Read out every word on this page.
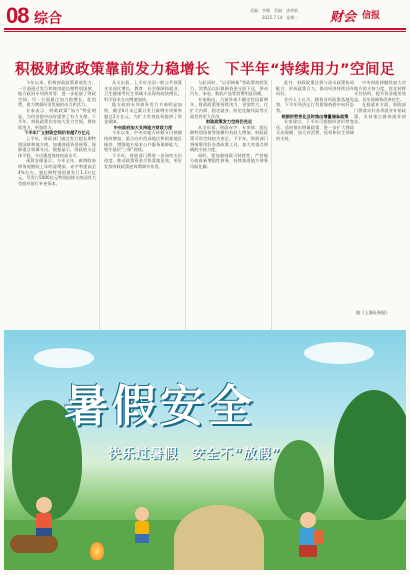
08 综合
责编：李娜　美编：唐邦新
2025.7.14　星期一 财会 信报
积极财政政策靠前发力稳增长　下半年“持续用力”空间足

今年以来，积极财政政策靠前发力，一方面通过发行和使用超长期特别国债、地方政府专项债券等，进一步拓展了财政空间；另一方面通过加力稳增长、促消费，着力增强经济发展的动力和活力。

专家表示，财政政策“加力”特征明显，为经济稳中向好提供了有力支撑。下半年，财政政策仍有较大发力空间，将持续用力，更加给力。

下半年广义财政空间仍有超7万亿元

上半年，财政部门通过发行超长期特别国债和地方债，加强财政资金统筹，保障重点领域支出。数据显示，财政收支总体平稳，支出强度保持较高水平。

预算安排显示，今年全年，新增政府债务规模较上年明显增加，赤字率提高至4%左右，超长期特别国债发行1.3万亿元，另发行5000亿元特别国债支持国有大型商业银行补充资本。

从支出看，上半年全国一般公共预算支出同比增长，教育、社会保障和就业、卫生健康等民生领域支出保持较快增长，科学技术支出增速加快。

地方政府专项债券发行节奏明显加快，截至6月末已累计发行新增专项债券超过2万亿元，为扩大有效投资提供了资金保障。

中央政府加大支持地方财政力度

今年以来，中央对地方转移支付规模持续增加，重点向中西部地区和困难地区倾斜，增强地方基本公共服务保障能力，兜牢基层“三保”底线。

下半年，财政部门将进一步加快支出进度，推动政策资金尽快落地见效，更好发挥财政政策逆周期调节作用。

与此同时，“以旧换新”等政策持续发力，消费品以旧换新资金分批下达，带动汽车、家电、数码产品等消费明显回暖。

专家指出，当前外部不确定性因素增多，财政政策要持续用力、更加给力，在扩大内需、稳定就业、防范化解风险等方面发挥更大作用。

财政政策发力空间仍充足

从全年看，财政赤字、专项债、超长期特别国债等规模均有较大增加，财政政策可用空间较为充足。下半年，财政部门将统筹用好各类政策工具，加大对重点领域的支持力度。

同时，要加强财政可持续性，严控地方政府新增隐性债务，持续推进地方债务风险化解。

此外，财政政策还将与货币政策协同配合，形成政策合力，推动经济持续回升向好。

业内人士认为，随着各项政策落地见效，下半年经济运行有望保持稳中向好态势。

根据形势变化及时推出增量储备政策

专家建议，下半年可根据经济形势变化，适时推出增量政策，进一步扩大财政支出规模，加大对消费、投资和民生领域的支持。

中央财政将继续加大对地方的支持力度，优化转移支付结构，提升资金使用效益，切实保障和改善民生。

在稳就业方面，财政部门将落实好各项就业补贴政策，支持重点群体就业创业。

据《上海证券报》
暑假安全
快乐过暑假　安全不“放假”
